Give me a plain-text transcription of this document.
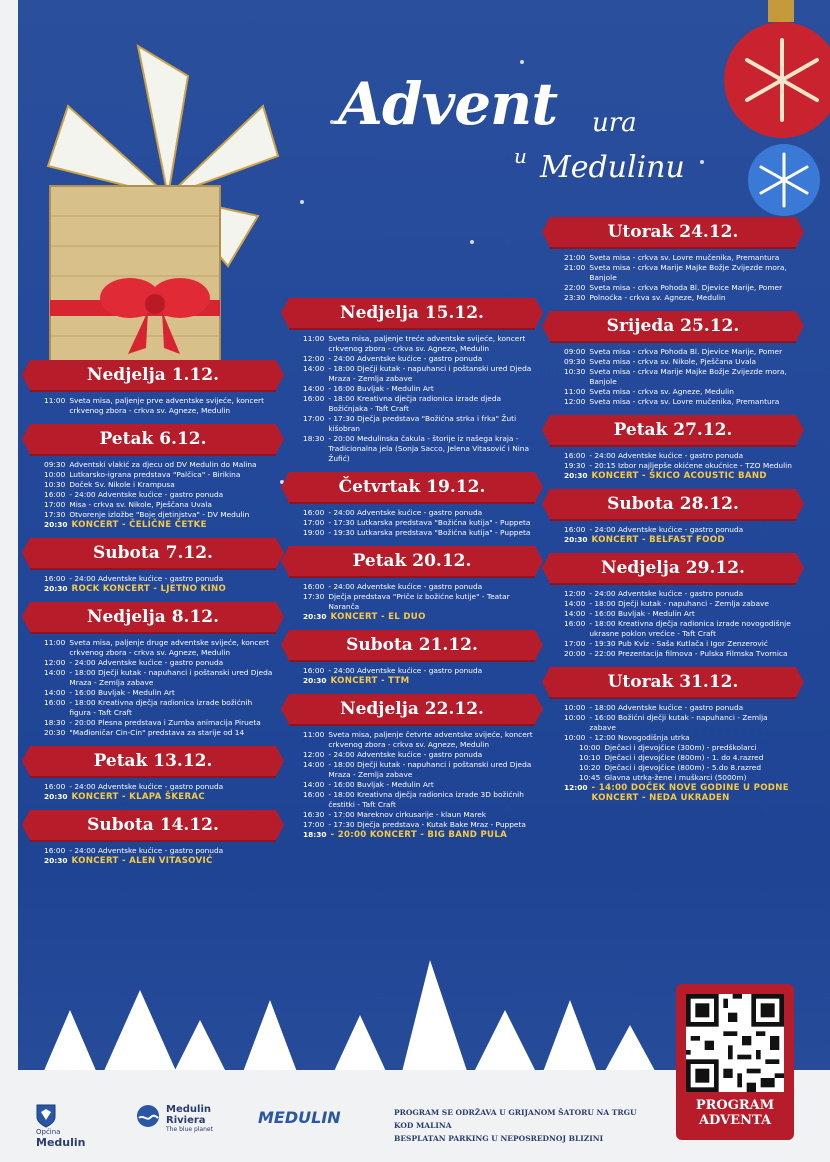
Advent ura
u Medulinu
Nedjelja 1.12.
11:00 Sveta misa, paljenje prve adventske svijeće, koncert crkvenog zbora - crkva sv. Agneze, Medulin
Petak 6.12.
09:30 Adventski vlakić za djecu od DV Medulin do Malina
10:00 Lutkarsko-igrana predstava "Palčica" - Birikina
10:30 Doček Sv. Nikole i Krampusa
16:00 - 24:00 Adventske kućice - gastro ponuda
17:00 Misa - crkva sv. Nikole, Pješčana Uvala
17:30 Otvorenje izložbe "Boje djetinjstva" - DV Medulin
20:30 KONCERT - ČELIČNE ČETKE
Subota 7.12.
16:00 - 24:00 Adventske kućice - gastro ponuda
20:30 ROCK KONCERT - LJETNO KINO
Nedjelja 8.12.
11:00 Sveta misa, paljenje druge adventske svijeće, koncert crkvenog zbora - crkva sv. Agneze, Medulin
12:00 - 24:00 Adventske kućice - gastro ponuda
14:00 - 18:00 Dječji kutak - napuhanci i poštanski ured Djeda Mraza - Zemlja zabave
14:00 - 16:00 Buvljak - Medulin Art
16:00 - 18:00 Kreativna dječja radionica izrade božićnih figura - Taft Craft
18:30 - 20:00 Plesna predstava i Zumba animacija Pirueta
20:30 "Mađioničar Cin-Cin" predstava za starije od 14
Petak 13.12.
16:00 - 24:00 Adventske kućice - gastro ponuda
20:30 KONCERT - KLAPA ŠKERAC
Subota 14.12.
16:00 - 24:00 Adventske kućice - gastro ponuda
20:30 KONCERT - ALEN VITASOVIĆ
Nedjelja 15.12.
11:00 Sveta misa, paljenje treće adventske svijeće, koncert crkvenog zbora - crkva sv. Agneze, Medulin
12:00 - 24:00 Adventske kućice - gastro ponuda
14:00 - 18:00 Dječji kutak - napuhanci i poštanski ured Djeda Mraza - Zemlja zabave
14:00 - 16:00 Buvljak - Medulin Art
16:00 - 18:00 Kreativna dječja radionica izrade djeda Božićnjaka - Taft Craft
17:00 - 17:30 Dječja predstava "Božićna strka i frka" Žuti kišobran
18:30 - 20:00 Medulinska čakula - štorije iz našega kraja - Tradicionalna jela (Sonja Sacco, Jelena Vitasović i Nina Žufić)
Četvrtak 19.12.
16:00 - 24:00 Adventske kućice - gastro ponuda
17:00 - 17:30 Lutkarska predstava "Božićna kutija" - Puppeta
19:00 - 19:30 Lutkarska predstava "Božićna kutija" - Puppeta
Petak 20.12.
16:00 - 24:00 Adventske kućice - gastro ponuda
17:30 Dječja predstava "Priče iz božićne kutije" - Teatar Naranča
20:30 KONCERT - EL DUO
Subota 21.12.
16:00 - 24:00 Adventske kućice - gastro ponuda
20:30 KONCERT - TTM
Nedjelja 22.12.
11:00 Sveta misa, paljenje četvrte adventske svijeće, koncert crkvenog zbora - crkva sv. Agneze, Medulin
12:00 - 24:00 Adventske kućice - gastro ponuda
14:00 - 18:00 Dječji kutak - napuhanci i poštanski ured Djeda Mraza - Zemlja zabave
14:00 - 16:00 Buvljak - Medulin Art
16:00 - 18:00 Kreativna dječja radionica izrade 3D božićnih čestitki - Taft Craft
16:30 - 17:00 Mareknov cirkusarije - klaun Marek
17:00 - 17:30 Dječja predstava - Kutak Bake Mraz - Puppeta
18:30 - 20:00 KONCERT - BIG BAND PULA
Utorak 24.12.
21:00 Sveta misa - crkva sv. Lovre mučenika, Premantura
21:00 Sveta misa - crkva Marije Majke Božje Zvijezde mora, Banjole
22:00 Sveta misa - crkva Pohoda Bl. Djevice Marije, Pomer
23:30 Polnoćka - crkva sv. Agneze, Medulin
Srijeda 25.12.
09:00 Sveta misa - crkva Pohoda Bl. Djevice Marije, Pomer
09:30 Sveta misa - crkva sv. Nikole, Pješčana Uvala
10:30 Sveta misa - crkva Marije Majke Božje Zvijezde mora, Banjole
11:00 Sveta misa - crkva sv. Agneze, Medulin
12:00 Sveta misa - crkva sv. Lovre mučenika, Premantura
Petak 27.12.
16:00 - 24:00 Adventske kućice - gastro ponuda
19:30 - 20:15 Izbor najljepše okićene okućnice - TZO Medulin
20:30 KONCERT - ŠKICO ACOUSTIC BAND
Subota 28.12.
16:00 - 24:00 Adventske kućice - gastro ponuda
20:30 KONCERT - BELFAST FOOD
Nedjelja 29.12.
12:00 - 24:00 Adventske kućice - gastro ponuda
14:00 - 18:00 Dječji kutak - napuhanci - Zemlja zabave
14:00 - 16:00 Buvljak - Medulin Art
16:00 - 18:00 Kreativna dječja radionica izrade novogodišnje ukrasne poklon vrećice - Taft Craft
17:00 - 19:30 Pub Kviz - Saša Kutlača i Igor Zenzerović
20:00 - 22:00 Prezentacija filmova - Pulska Filmska Tvornica
Utorak 31.12.
10:00 - 18:00 Adventske kućice - gastro ponuda
10:00 - 16:00 Božićni dječji kutak - napuhanci - Zemlja zabave
10:00 - 12:00 Novogodišnja utrka
10:00 Dječaci i djevojčice (300m) - predškolarci
10:10 Dječaci i djevojčice (800m) - 1. do 4.razred
10:20 Dječaci i djevojčice (800m) - 5.do 8.razred
10:45 Glavna utrka-žene i muškarci (5000m)
12:00 - 14:00 DOČEK NOVE GODINE U PODNE KONCERT - NEDA UKRADEN
PROGRAM
ADVENTA
Općina
Medulin
Medulin Riviera
The blue planet
MEDULIN	PROGRAM SE ODRŽAVA U GRIJANOM ŠATORU NA TRGU KOD MALINA
BESPLATAN PARKING U NEPOSREDNOJ BLIZINI
